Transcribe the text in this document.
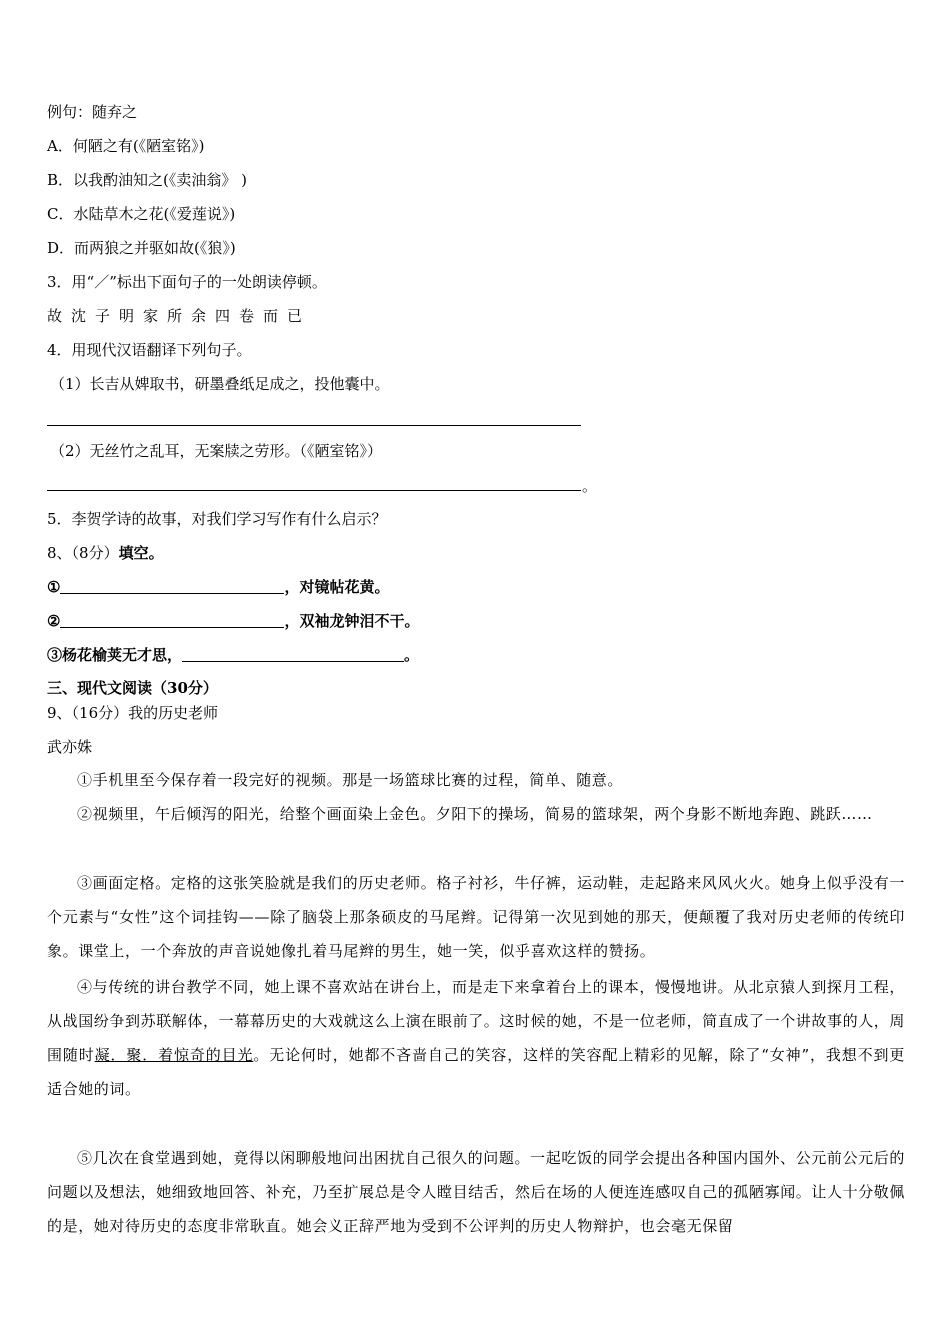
例句：随弃之
A．何陋之有(《陋室铭》)
B．以我酌油知之(《卖油翁》 )
C．水陆草木之花(《爱莲说》)
D．而两狼之并驱如故(《狼》)
3．用“／”标出下面句子的一处朗读停顿。
故沈子明家所余四卷而已
4．用现代汉语翻译下列句子。
（1）长吉从婢取书，研墨叠纸足成之，投他囊中。
（2）无丝竹之乱耳，无案牍之劳形。（《陋室铭》）
。
5．李贺学诗的故事，对我们学习写作有什么启示？
8、（8分）填空。
①	，对镜帖花黄。
②	，双袖龙钟泪不干。
③杨花榆荚无才思，	。
三、现代文阅读（30分）
9、（16分）我的历史老师
武亦姝
①手机里至今保存着一段完好的视频。那是一场篮球比赛的过程，简单、随意。
②视频里，午后倾泻的阳光，给整个画面染上金色。夕阳下的操场，简易的篮球架，两个身影不断地奔跑、跳跃……
③画面定格。定格的这张笑脸就是我们的历史老师。格子衬衫，牛仔裤，运动鞋，走起路来风风火火。她身上似乎没有一个元素与“女性”这个词挂钩——除了脑袋上那条硕皮的马尾辫。记得第一次见到她的那天，便颠覆了我对历史老师的传统印象。课堂上，一个奔放的声音说她像扎着马尾辫的男生，她一笑，似乎喜欢这样的赞扬。
④与传统的讲台教学不同，她上课不喜欢站在讲台上，而是走下来拿着台上的课本，慢慢地讲。从北京猿人到探月工程，从战国纷争到苏联解体，一幕幕历史的大戏就这么上演在眼前了。这时候的她，不是一位老师，简直成了一个讲故事的人，周围随时凝．聚．着惊奇的目光。无论何时，她都不吝啬自己的笑容，这样的笑容配上精彩的见解，除了“女神”，我想不到更适合她的词。
⑤几次在食堂遇到她，竟得以闲聊般地问出困扰自己很久的问题。一起吃饭的同学会提出各种国内国外、公元前公元后的问题以及想法，她细致地回答、补充，乃至扩展总是令人瞠目结舌，然后在场的人便连连感叹自己的孤陋寡闻。让人十分敬佩的是，她对待历史的态度非常耿直。她会义正辞严地为受到不公评判的历史人物辩护，也会毫无保留
